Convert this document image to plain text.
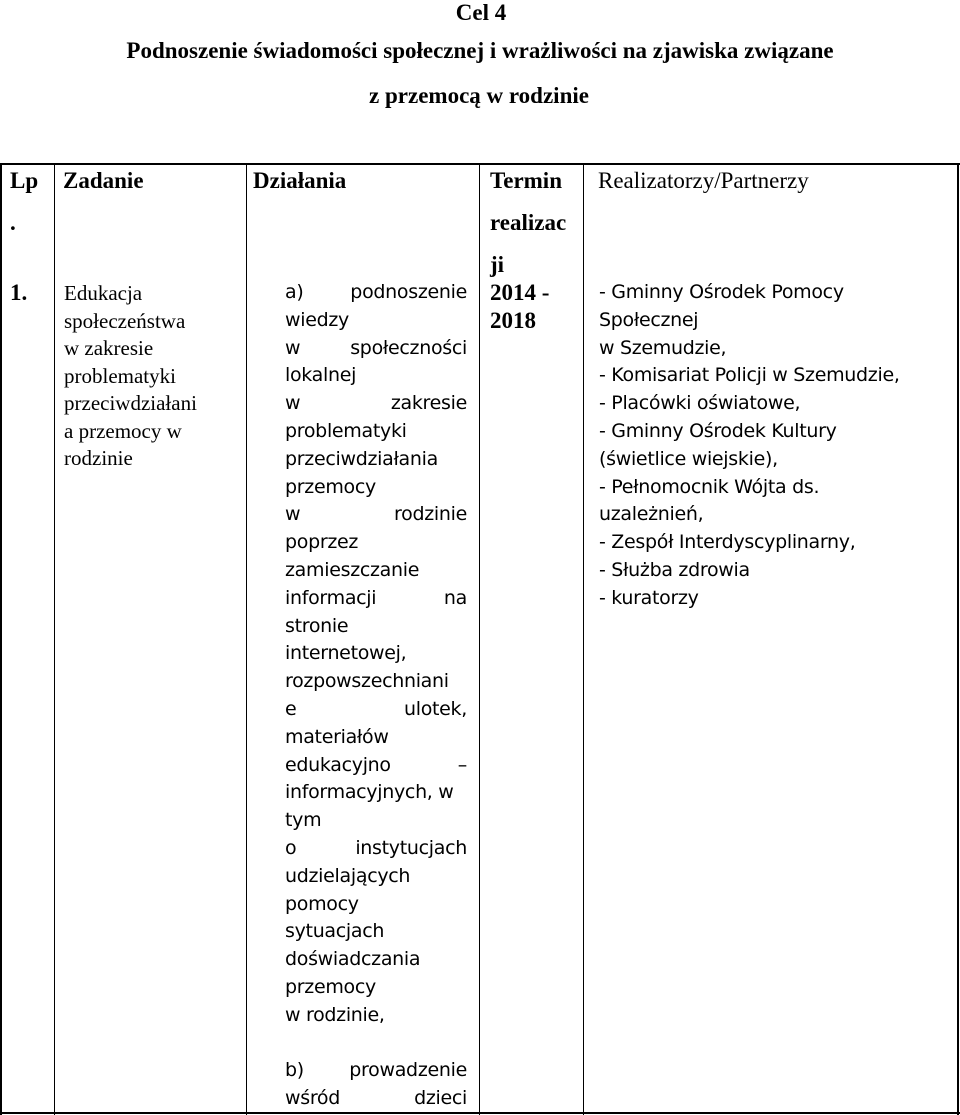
Cel 4
Podnoszenie świadomości społecznej i wrażliwości na zjawiska związane
z przemocą w rodzinie
Lp
.
Zadanie	Działania	Termin
realizac
ji
Realizatorzy/Partnerzy
1. Edukacja
społeczeństwa
w zakresie
problematyki
przeciwdziałani
a przemocy w
rodzinie
a) podnoszenie
wiedzy
w społeczności
lokalnej
w zakresie
problematyki
przeciwdziałania
przemocy
w rodzinie
poprzez
zamieszczanie
informacji na
stronie
internetowej,
rozpowszechniani
e ulotek,
materiałów
edukacyjno –
informacyjnych, w
tym
o instytucjach
udzielających
pomocy
sytuacjach
doświadczania
przemocy
w rodzinie,
b) prowadzenie
wśród dzieci
2014 -
2018
- Gminny Ośrodek Pomocy
Społecznej
w Szemudzie,
- Komisariat Policji w Szemudzie,
- Placówki oświatowe,
- Gminny Ośrodek Kultury
(świetlice wiejskie),
- Pełnomocnik Wójta ds.
uzależnień,
- Zespół Interdyscyplinarny,
- Służba zdrowia
- kuratorzy
